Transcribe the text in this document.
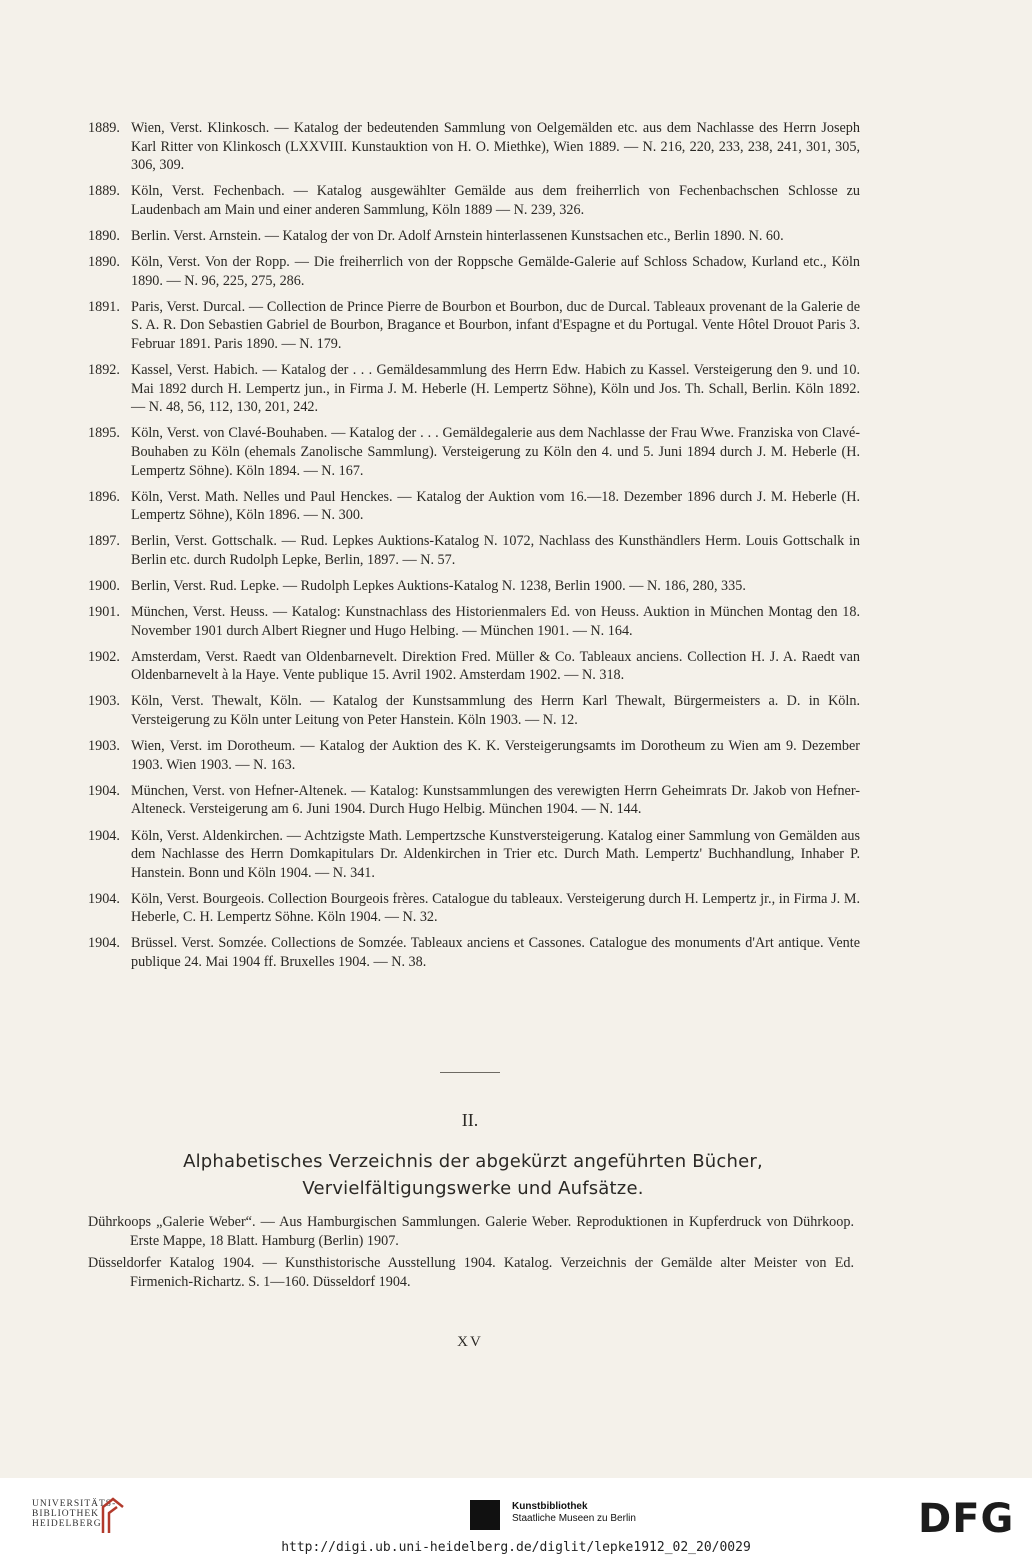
1889. Wien, Verst. Klinkosch. — Katalog der bedeutenden Sammlung von Oelgemälden etc. aus dem Nachlasse des Herrn Joseph Karl Ritter von Klinkosch (LXXVIII. Kunstauktion von H. O. Miethke), Wien 1889. — N. 216, 220, 233, 238, 241, 301, 305, 306, 309.
1889. Köln, Verst. Fechenbach. — Katalog ausgewählter Gemälde aus dem freiherrlich von Fechenbachschen Schlosse zu Laudenbach am Main und einer anderen Sammlung, Köln 1889 — N. 239, 326.
1890. Berlin. Verst. Arnstein. — Katalog der von Dr. Adolf Arnstein hinterlassenen Kunstsachen etc., Berlin 1890. N. 60.
1890. Köln, Verst. Von der Ropp. — Die freiherrlich von der Roppsche Gemälde-Galerie auf Schloss Schadow, Kurland etc., Köln 1890. — N. 96, 225, 275, 286.
1891. Paris, Verst. Durcal. — Collection de Prince Pierre de Bourbon et Bourbon, duc de Durcal. Tableaux provenant de la Galerie de S. A. R. Don Sebastien Gabriel de Bourbon, Bragance et Bourbon, infant d'Espagne et du Portugal. Vente Hôtel Drouot Paris 3. Februar 1891. Paris 1890. — N. 179.
1892. Kassel, Verst. Habich. — Katalog der . . . Gemäldesammlung des Herrn Edw. Habich zu Kassel. Versteigerung den 9. und 10. Mai 1892 durch H. Lempertz jun., in Firma J. M. Heberle (H. Lempertz Söhne), Köln und Jos. Th. Schall, Berlin. Köln 1892. — N. 48, 56, 112, 130, 201, 242.
1895. Köln, Verst. von Clavé-Bouhaben. — Katalog der . . . Gemäldegalerie aus dem Nachlasse der Frau Wwe. Franziska von Clavé-Bouhaben zu Köln (ehemals Zanolische Sammlung). Versteigerung zu Köln den 4. und 5. Juni 1894 durch J. M. Heberle (H. Lempertz Söhne). Köln 1894. — N. 167.
1896. Köln, Verst. Math. Nelles und Paul Henckes. — Katalog der Auktion vom 16.—18. Dezember 1896 durch J. M. Heberle (H. Lempertz Söhne), Köln 1896. — N. 300.
1897. Berlin, Verst. Gottschalk. — Rud. Lepkes Auktions-Katalog N. 1072, Nachlass des Kunsthändlers Herm. Louis Gottschalk in Berlin etc. durch Rudolph Lepke, Berlin, 1897. — N. 57.
1900. Berlin, Verst. Rud. Lepke. — Rudolph Lepkes Auktions-Katalog N. 1238, Berlin 1900. — N. 186, 280, 335.
1901. München, Verst. Heuss. — Katalog: Kunstnachlass des Historienmalers Ed. von Heuss. Auktion in München Montag den 18. November 1901 durch Albert Riegner und Hugo Helbing. — München 1901. — N. 164.
1902. Amsterdam, Verst. Raedt van Oldenbarnevelt. Direktion Fred. Müller & Co. Tableaux anciens. Collection H. J. A. Raedt van Oldenbarnevelt à la Haye. Vente publique 15. Avril 1902. Amsterdam 1902. — N. 318.
1903. Köln, Verst. Thewalt, Köln. — Katalog der Kunstsammlung des Herrn Karl Thewalt, Bürgermeisters a. D. in Köln. Versteigerung zu Köln unter Leitung von Peter Hanstein. Köln 1903. — N. 12.
1903. Wien, Verst. im Dorotheum. — Katalog der Auktion des K. K. Versteigerungsamts im Dorotheum zu Wien am 9. Dezember 1903. Wien 1903. — N. 163.
1904. München, Verst. von Hefner-Altenek. — Katalog: Kunstsammlungen des verewigten Herrn Geheimrats Dr. Jakob von Hefner-Alteneck. Versteigerung am 6. Juni 1904. Durch Hugo Helbig. München 1904. — N. 144.
1904. Köln, Verst. Aldenkirchen. — Achtzigste Math. Lempertzsche Kunstversteigerung. Katalog einer Sammlung von Gemälden aus dem Nachlasse des Herrn Domkapitulars Dr. Aldenkirchen in Trier etc. Durch Math. Lempertz' Buchhandlung, Inhaber P. Hanstein. Bonn und Köln 1904. — N. 341.
1904. Köln, Verst. Bourgeois. Collection Bourgeois frères. Catalogue du tableaux. Versteigerung durch H. Lempertz jr., in Firma J. M. Heberle, C. H. Lempertz Söhne. Köln 1904. — N. 32.
1904. Brüssel. Verst. Somzée. Collections de Somzée. Tableaux anciens et Cassones. Catalogue des monuments d'Art antique. Vente publique 24. Mai 1904 ff. Bruxelles 1904. — N. 38.
II.
Alphabetisches Verzeichnis der abgekürzt angeführten Bücher, Vervielfältigungswerke und Aufsätze.
Dührkoops „Galerie Weber“. — Aus Hamburgischen Sammlungen. Galerie Weber. Reproduktionen in Kupferdruck von Dührkoop. Erste Mappe, 18 Blatt. Hamburg (Berlin) 1907.
Düsseldorfer Katalog 1904. — Kunsthistorische Ausstellung 1904. Katalog. Verzeichnis der Gemälde alter Meister von Ed. Firmenich-Richartz. S. 1—160. Düsseldorf 1904.
XV
UNIVERSITÄTS-
BIBLIOTHEK
HEIDELBERG
Kunstbibliothek
Staatliche Museen zu Berlin	DFG
http://digi.ub.uni-heidelberg.de/diglit/lepke1912_02_20/0029
